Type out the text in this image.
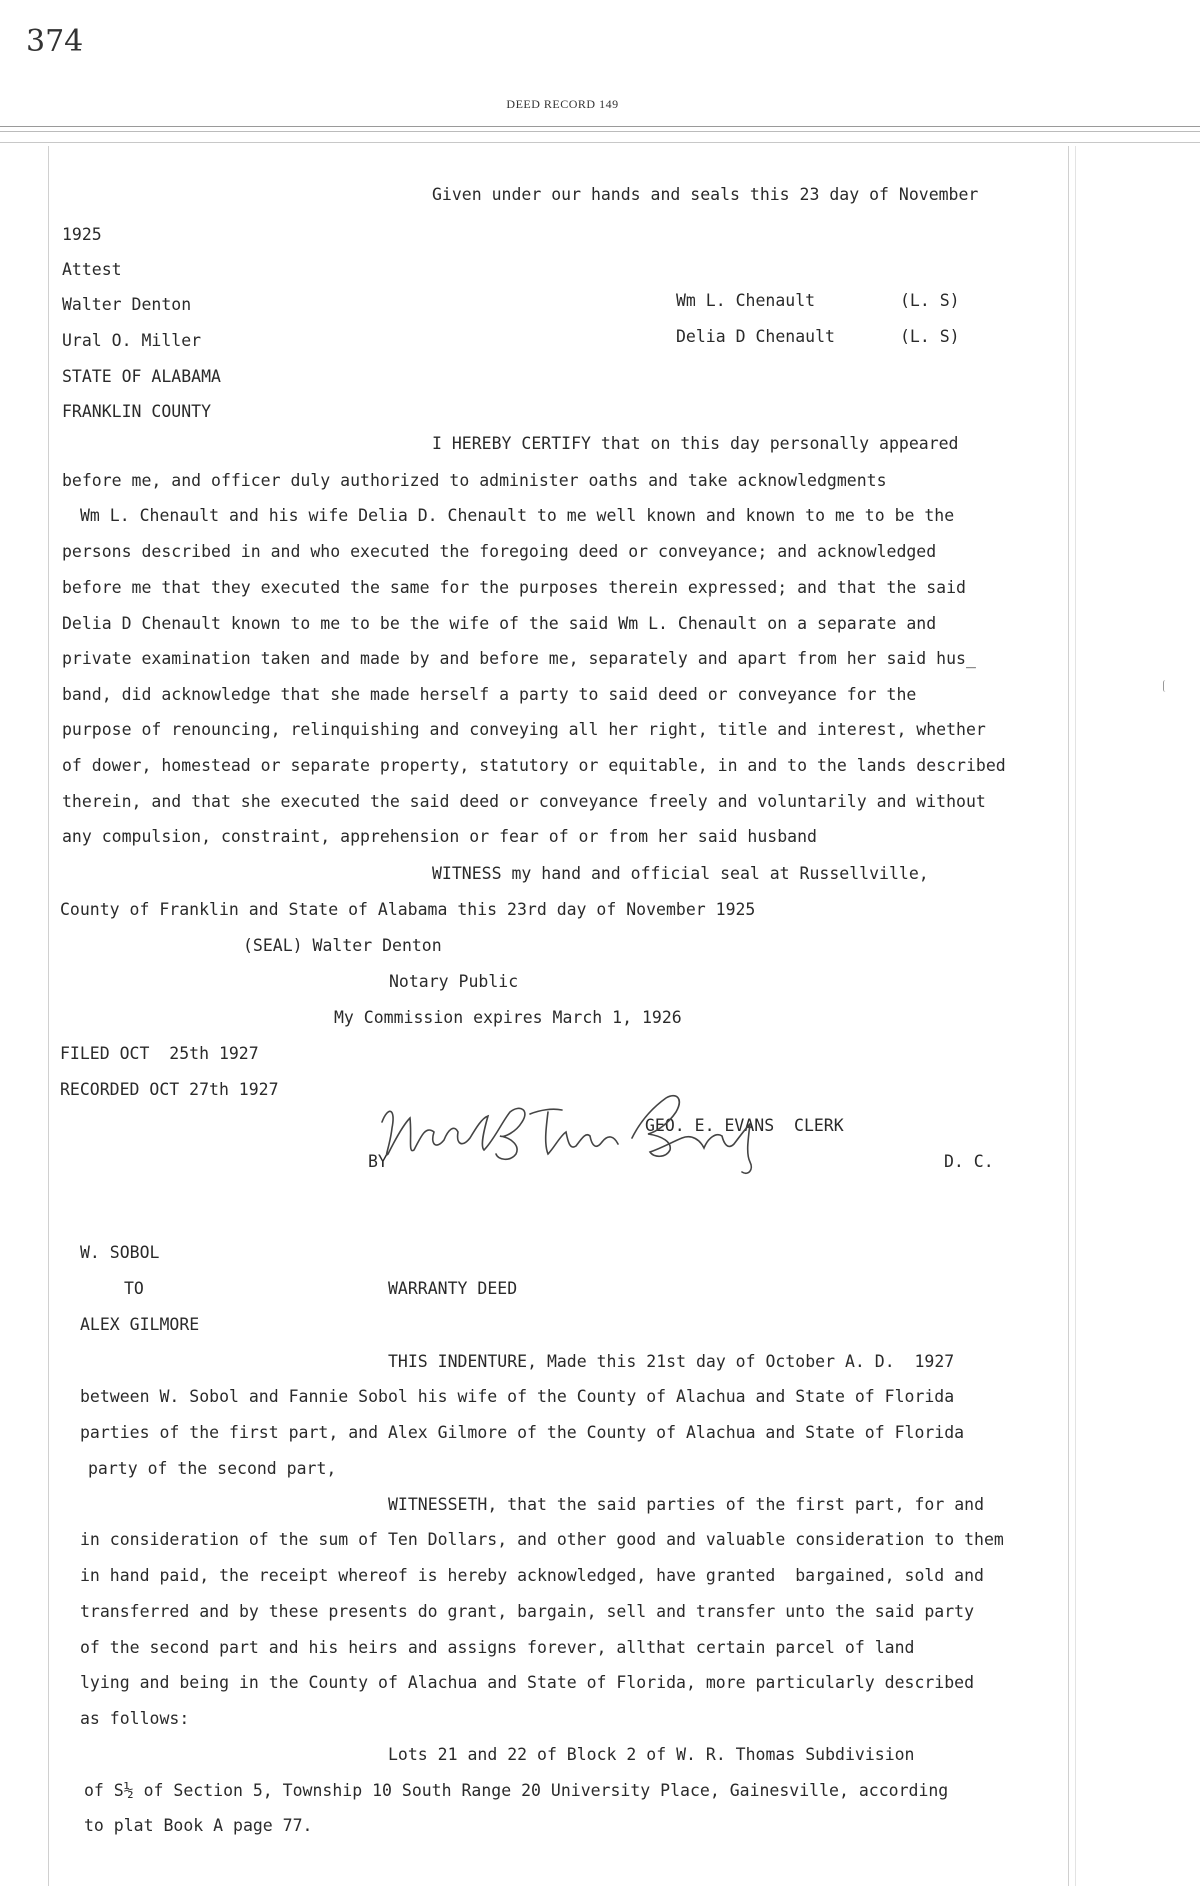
374
DEED RECORD 149
Given under our hands and seals this 23 day of November
1925
Attest
Walter Denton
Ural O. Miller
Wm L. Chenault	(L. S)
Delia D Chenault	(L. S)
STATE OF ALABAMA
FRANKLIN COUNTY
I HEREBY CERTIFY that on this day personally appeared
before me, and officer duly authorized to administer oaths and take acknowledgments
Wm L. Chenault and his wife Delia D. Chenault to me well known and known to me to be the
persons described in and who executed the foregoing deed or conveyance; and acknowledged
before me that they executed the same for the purposes therein expressed; and that the said
Delia D Chenault known to me to be the wife of the said Wm L. Chenault on a separate and
private examination taken and made by and before me, separately and apart from her said hus_
band, did acknowledge that she made herself a party to said deed or conveyance for the
purpose of renouncing, relinquishing and conveying all her right, title and interest, whether
of dower, homestead or separate property, statutory or equitable, in and to the lands described
therein, and that she executed the said deed or conveyance freely and voluntarily and without
any compulsion, constraint, apprehension or fear of or from her said husband
WITNESS my hand and official seal at Russellville,
County of Franklin and State of Alabama this 23rd day of November 1925
(SEAL) Walter Denton
Notary Public
My Commission expires March 1, 1926
FILED OCT  25th 1927
RECORDED OCT 27th 1927
GEO. E. EVANS  CLERK
BY	D. C.
W. SOBOL
TO	WARRANTY DEED
ALEX GILMORE
THIS INDENTURE, Made this 21st day of October A. D.  1927
between W. Sobol and Fannie Sobol his wife of the County of Alachua and State of Florida
parties of the first part, and Alex Gilmore of the County of Alachua and State of Florida
party of the second part,
WITNESSETH, that the said parties of the first part, for and
in consideration of the sum of Ten Dollars, and other good and valuable consideration to them
in hand paid, the receipt whereof is hereby acknowledged, have granted  bargained, sold and
transferred and by these presents do grant, bargain, sell and transfer unto the said party
of the second part and his heirs and assigns forever, allthat certain parcel of land
lying and being in the County of Alachua and State of Florida, more particularly described
as follows:
Lots 21 and 22 of Block 2 of W. R. Thomas Subdivision
of S½ of Section 5, Township 10 South Range 20 University Place, Gainesville, according
to plat Book A page 77.
